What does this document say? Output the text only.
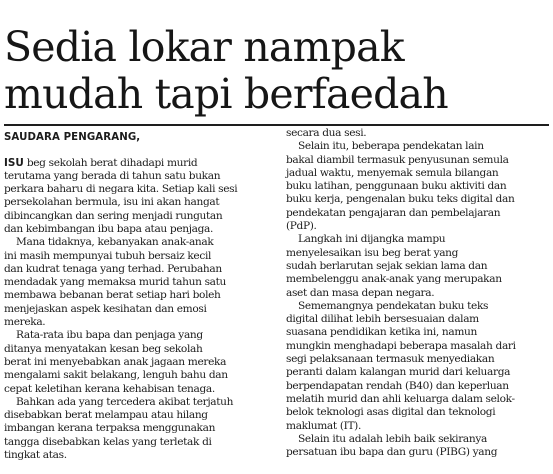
Sedia lokar nampak
mudah tapi berfaedah
SAUDARA PENGARANG,

ISU beg sekolah berat dihadapi murid
terutama yang berada di tahun satu bukan
perkara baharu di negara kita. Setiap kali sesi
persekolahan bermula, isu ini akan hangat
dibincangkan dan sering menjadi rungutan
dan kebimbangan ibu bapa atau penjaga.

Mana tidaknya, kebanyakan anak-anak
ini masih mempunyai tubuh bersaiz kecil
dan kudrat tenaga yang terhad. Perubahan
mendadak yang memaksa murid tahun satu
membawa bebanan berat setiap hari boleh
menjejaskan aspek kesihatan dan emosi
mereka.

Rata-rata ibu bapa dan penjaga yang
ditanya menyatakan kesan beg sekolah
berat ini menyebabkan anak jagaan mereka
mengalami sakit belakang, lenguh bahu dan
cepat keletihan kerana kehabisan tenaga.

Bahkan ada yang tercedera akibat terjatuh
disebabkan berat melampau atau hilang
imbangan kerana terpaksa menggunakan
tangga disebabkan kelas yang terletak di
tingkat atas.

secara dua sesi.

Selain itu, beberapa pendekatan lain
bakal diambil termasuk penyusunan semula
jadual waktu, menyemak semula bilangan
buku latihan, penggunaan buku aktiviti dan
buku kerja, pengenalan buku teks digital dan
pendekatan pengajaran dan pembelajaran
(PdP).

Langkah ini dijangka mampu
menyelesaikan isu beg berat yang
sudah berlarutan sejak sekian lama dan
membelenggu anak-anak yang merupakan
aset dan masa depan negara.

Sememangnya pendekatan buku teks
digital dilihat lebih bersesuaian dalam
suasana pendidikan ketika ini, namun
mungkin menghadapi beberapa masalah dari
segi pelaksanaan termasuk menyediakan
peranti dalam kalangan murid dari keluarga
berpendapatan rendah (B40) dan keperluan
melatih murid dan ahli keluarga dalam selok-
belok teknologi asas digital dan teknologi
maklumat (IT).

Selain itu adalah lebih baik sekiranya
persatuan ibu bapa dan guru (PIBG) yang
